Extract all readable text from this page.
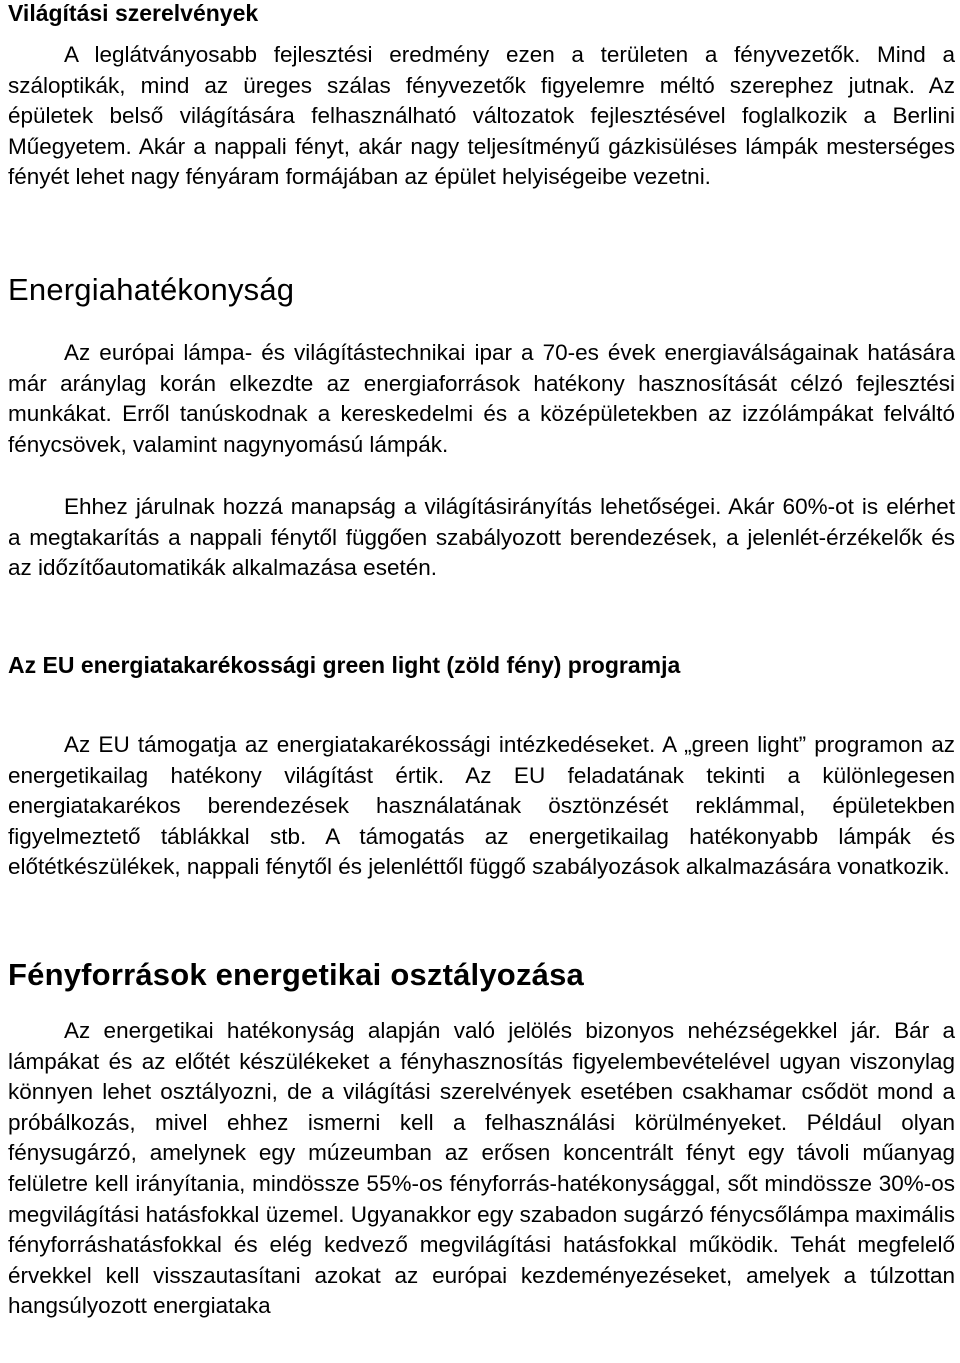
Világítási szerelvények

A leglátványosabb fejlesztési eredmény ezen a területen a fényvezetők. Mind a száloptikák, mind az üreges szálas fényvezetők figyelemre méltó szerephez jutnak. Az épületek belső világítására felhasználható változatok fejlesztésével foglalkozik a Berlini Műegyetem. Akár a nappali fényt, akár nagy teljesítményű gázkisüléses lámpák mesterséges fényét lehet nagy fényáram formájában az épület helyiségeibe vezetni.

Energiahatékonyság

Az európai lámpa- és világítástechnikai ipar a 70-es évek energiaválságainak hatására már aránylag korán elkezdte az energiaforrások hatékony hasznosítását célzó fejlesztési munkákat. Erről tanúskodnak a kereskedelmi és a középületekben az izzólámpákat felváltó fénycsövek, valamint nagynyomású lámpák.

Ehhez járulnak hozzá manapság a világításirányítás lehetőségei. Akár 60%-ot is elérhet a megtakarítás a nappali fénytől függően szabályozott berendezések, a jelenlét-érzékelők és az időzítőautomatikák alkalmazása esetén.

Az EU energiatakarékossági green light (zöld fény) programja

Az EU támogatja az energiatakarékossági intézkedéseket. A „green light” programon az energetikailag hatékony világítást értik. Az EU feladatának tekinti a különlegesen energiatakarékos berendezések használatának ösztönzését reklámmal, épületekben figyelmeztető táblákkal stb. A támogatás az energetikailag hatékonyabb lámpák és előtétkészülékek, nappali fénytől és jelenléttől függő szabályozások alkalmazására vonatkozik.

Fényforrások energetikai osztályozása

Az energetikai hatékonyság alapján való jelölés bizonyos nehézségekkel jár. Bár a lámpákat és az előtét készülékeket a fényhasznosítás figyelembevételével ugyan viszonylag könnyen lehet osztályozni, de a világítási szerelvények esetében csakhamar csődöt mond a próbálkozás, mivel ehhez ismerni kell a felhasználási körülményeket. Például olyan fénysugárzó, amelynek egy múzeumban az erősen koncentrált fényt egy távoli műanyag felületre kell irányítania, mindössze 55%-os fényforrás-hatékonysággal, sőt mindössze 30%-os megvilágítási hatásfokkal üzemel. Ugyanakkor egy szabadon sugárzó fénycsőlámpa maximális fényforráshatásfokkal és elég kedvező megvilágítási hatásfokkal működik. Tehát megfelelő érvekkel kell visszautasítani azokat az európai kezdeményezéseket, amelyek a túlzottan hangsúlyozott energiataka
